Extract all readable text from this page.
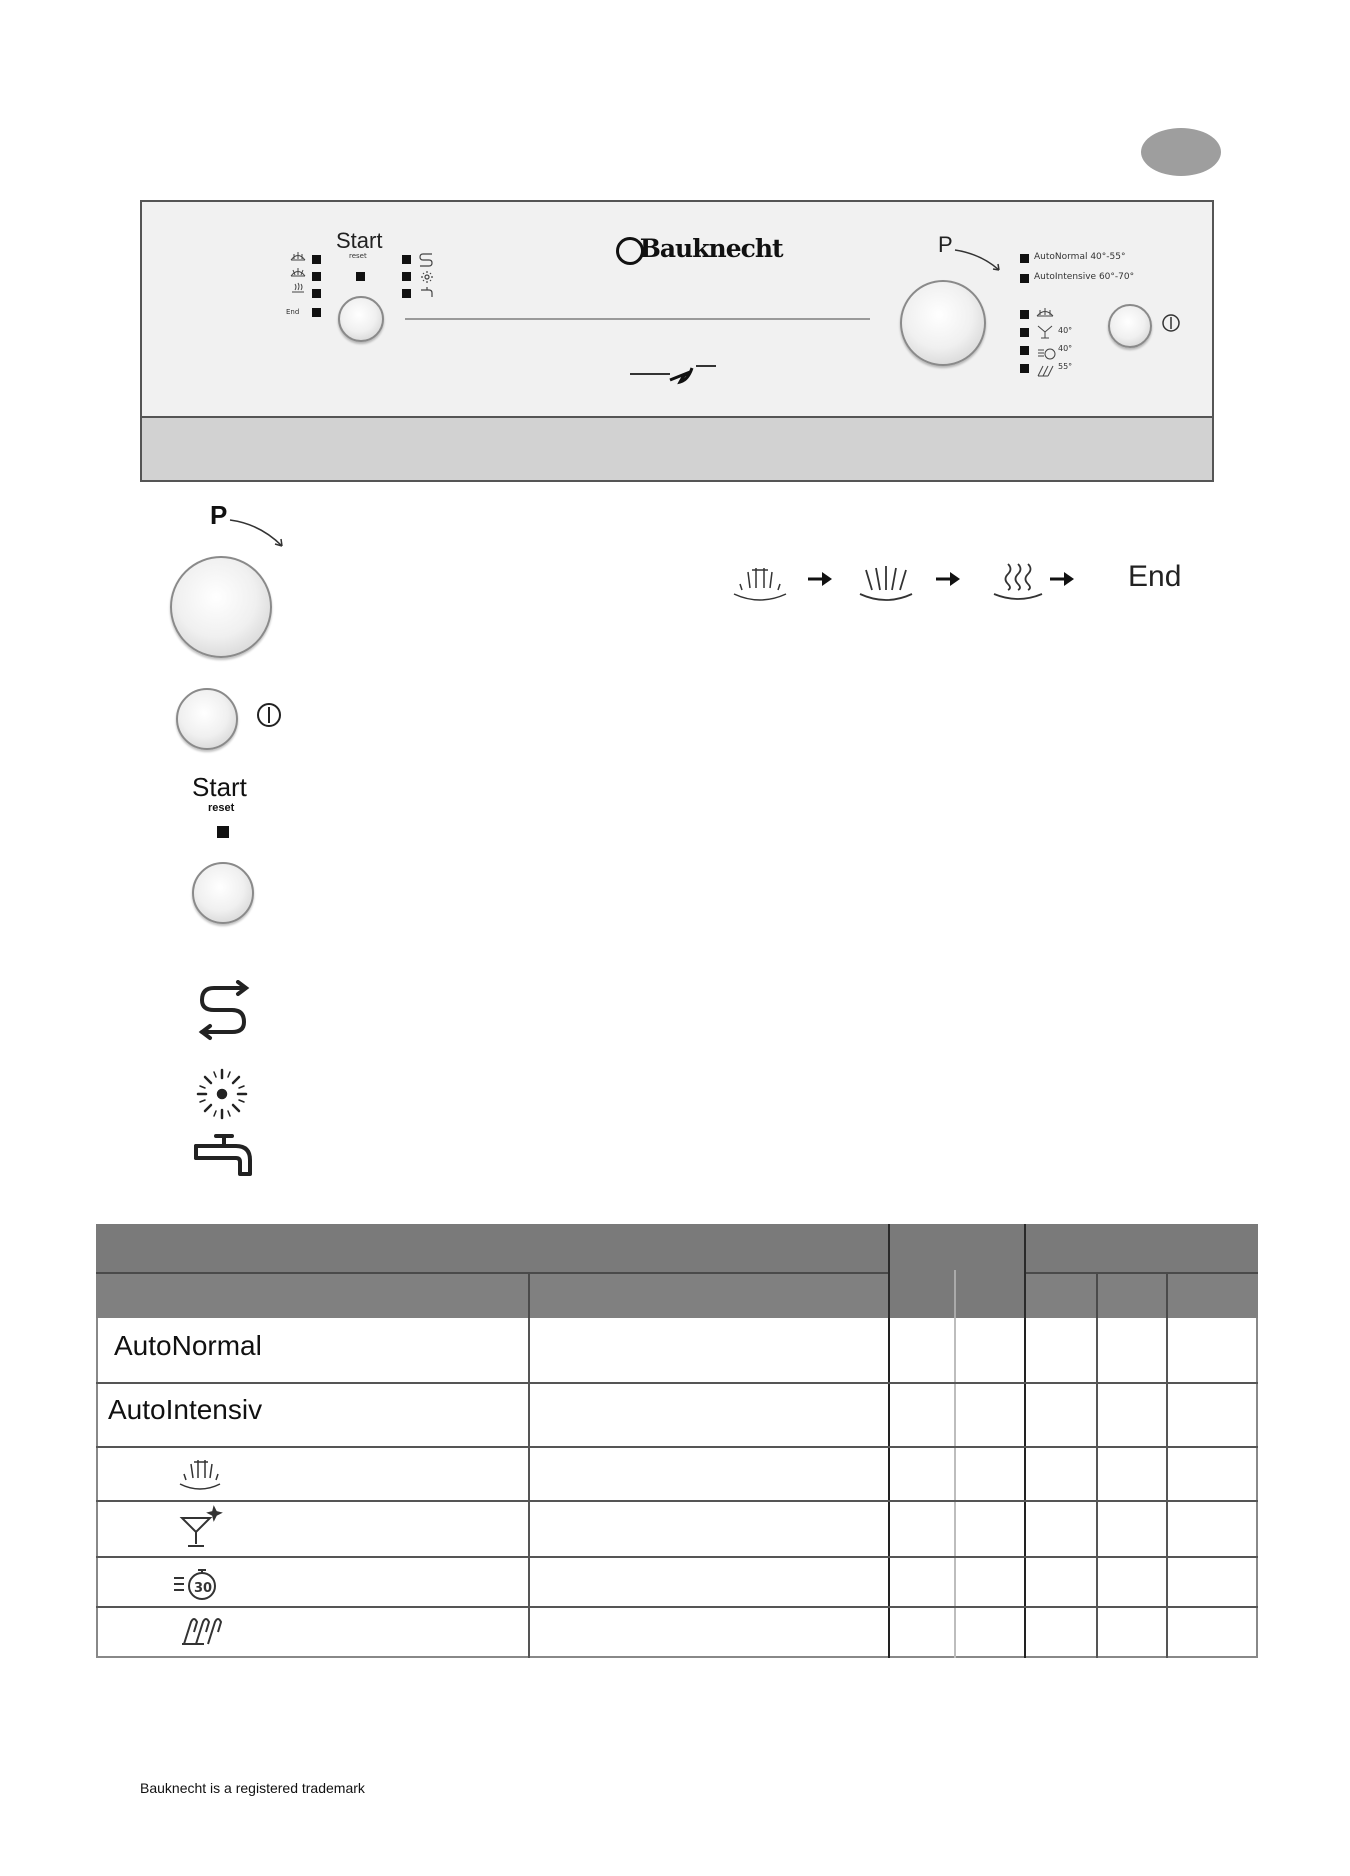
End
Start
reset	Bauknecht	P	AutoNormal 40°-55°
AutoIntensive 60°-70°
40°
40°
55°
P
Start
reset
End
AutoNormal
AutoIntensiv
30
Bauknecht is a registered trademark
